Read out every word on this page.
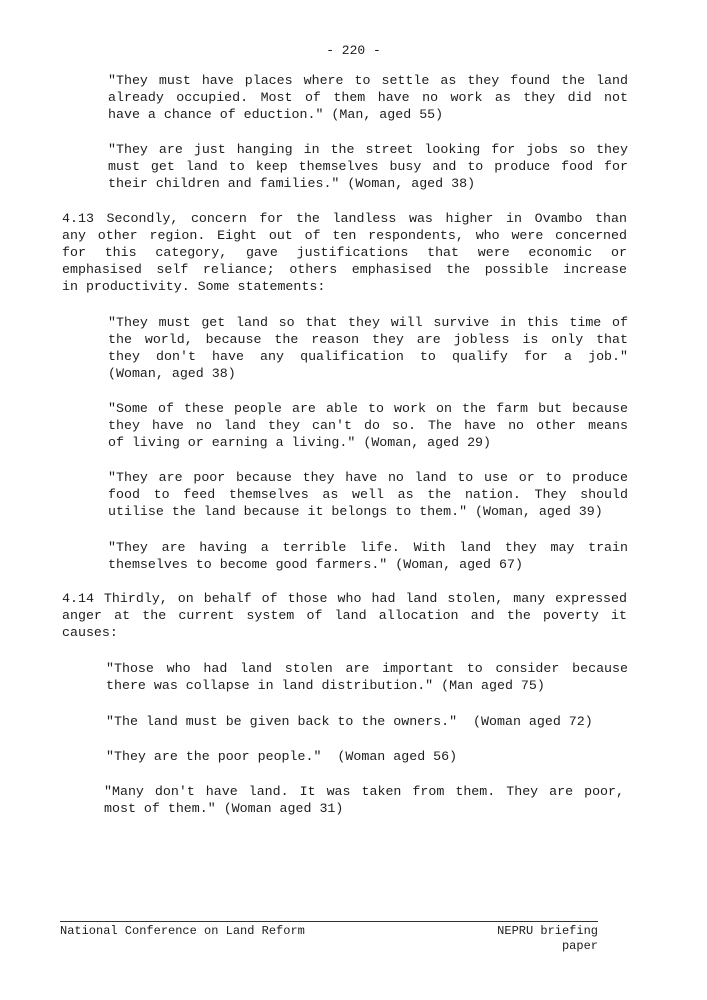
- 220 -
"They must have places where to settle as they found the land
already occupied. Most of them have no work as they did not
have a chance of eduction." (Man, aged 55)
"They are just hanging in the street looking for jobs so they
must get land to keep themselves busy and to produce food for
their children and families." (Woman, aged 38)
4.13 Secondly, concern for the landless was higher in Ovambo than
any other region. Eight out of ten respondents, who were concerned
for this category, gave justifications that were economic or
emphasised self reliance; others emphasised the possible increase
in productivity. Some statements:
"They must get land so that they will survive in this time of
the world, because the reason they are jobless is only that
they don't have any qualification to qualify for a job."
(Woman, aged 38)
"Some of these people are able to work on the farm but because
they have no land they can't do so. The have no other means
of living or earning a living." (Woman, aged 29)
"They are poor because they have no land to use or to produce
food to feed themselves as well as the nation. They should
utilise the land because it belongs to them." (Woman, aged 39)
"They are having a terrible life. With land they may train
themselves to become good farmers." (Woman, aged 67)
4.14 Thirdly, on behalf of those who had land stolen, many expressed
anger at the current system of land allocation and the poverty it
causes:
"Those who had land stolen are important to consider because
there was collapse in land distribution." (Man aged 75)
"The land must be given back to the owners."  (Woman aged 72)
"They are the poor people."  (Woman aged 56)
"Many don't have land. It was taken from them. They are poor,
most of them." (Woman aged 31)
National Conference on Land Reform	NEPRU briefing paper
